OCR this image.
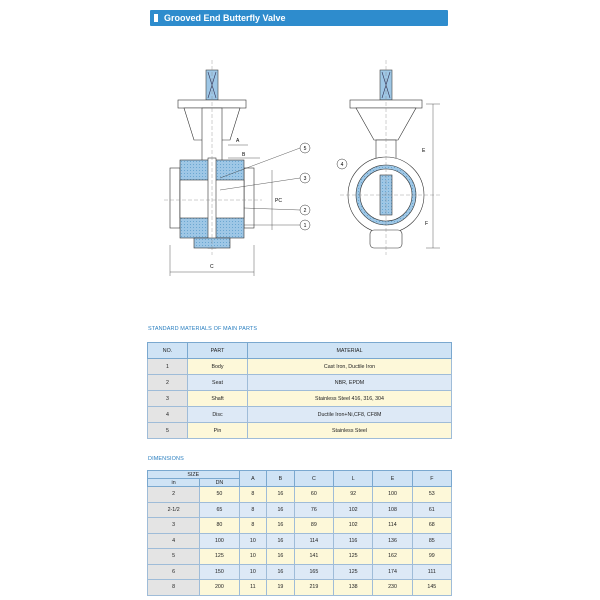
Grooved End Butterfly Valve
5
3
2
1
4
A
B
C
PC
E
F
STANDARD MATERIALS OF MAIN PARTS
NO.	PART	MATERIAL
1	Body	Cast Iron, Ductile Iron
2	Seat	NBR, EPDM
3	Shaft	Stainless Steel 416, 316, 304
4	Disc	Ductile Iron+Ni,CF8, CF8M
5	Pin	Stainless Steel
DIMENSIONS
SIZE		A	B	C	L	E	F
in	DN						
2	50	8	16	60	92	100	53
2-1/2	65	8	16	76	102	108	61
3	80	8	16	89	102	114	68
4	100	10	16	114	116	136	85
5	125	10	16	141	125	162	99
6	150	10	16	165	125	174	111
8	200	11	19	219	138	230	145
